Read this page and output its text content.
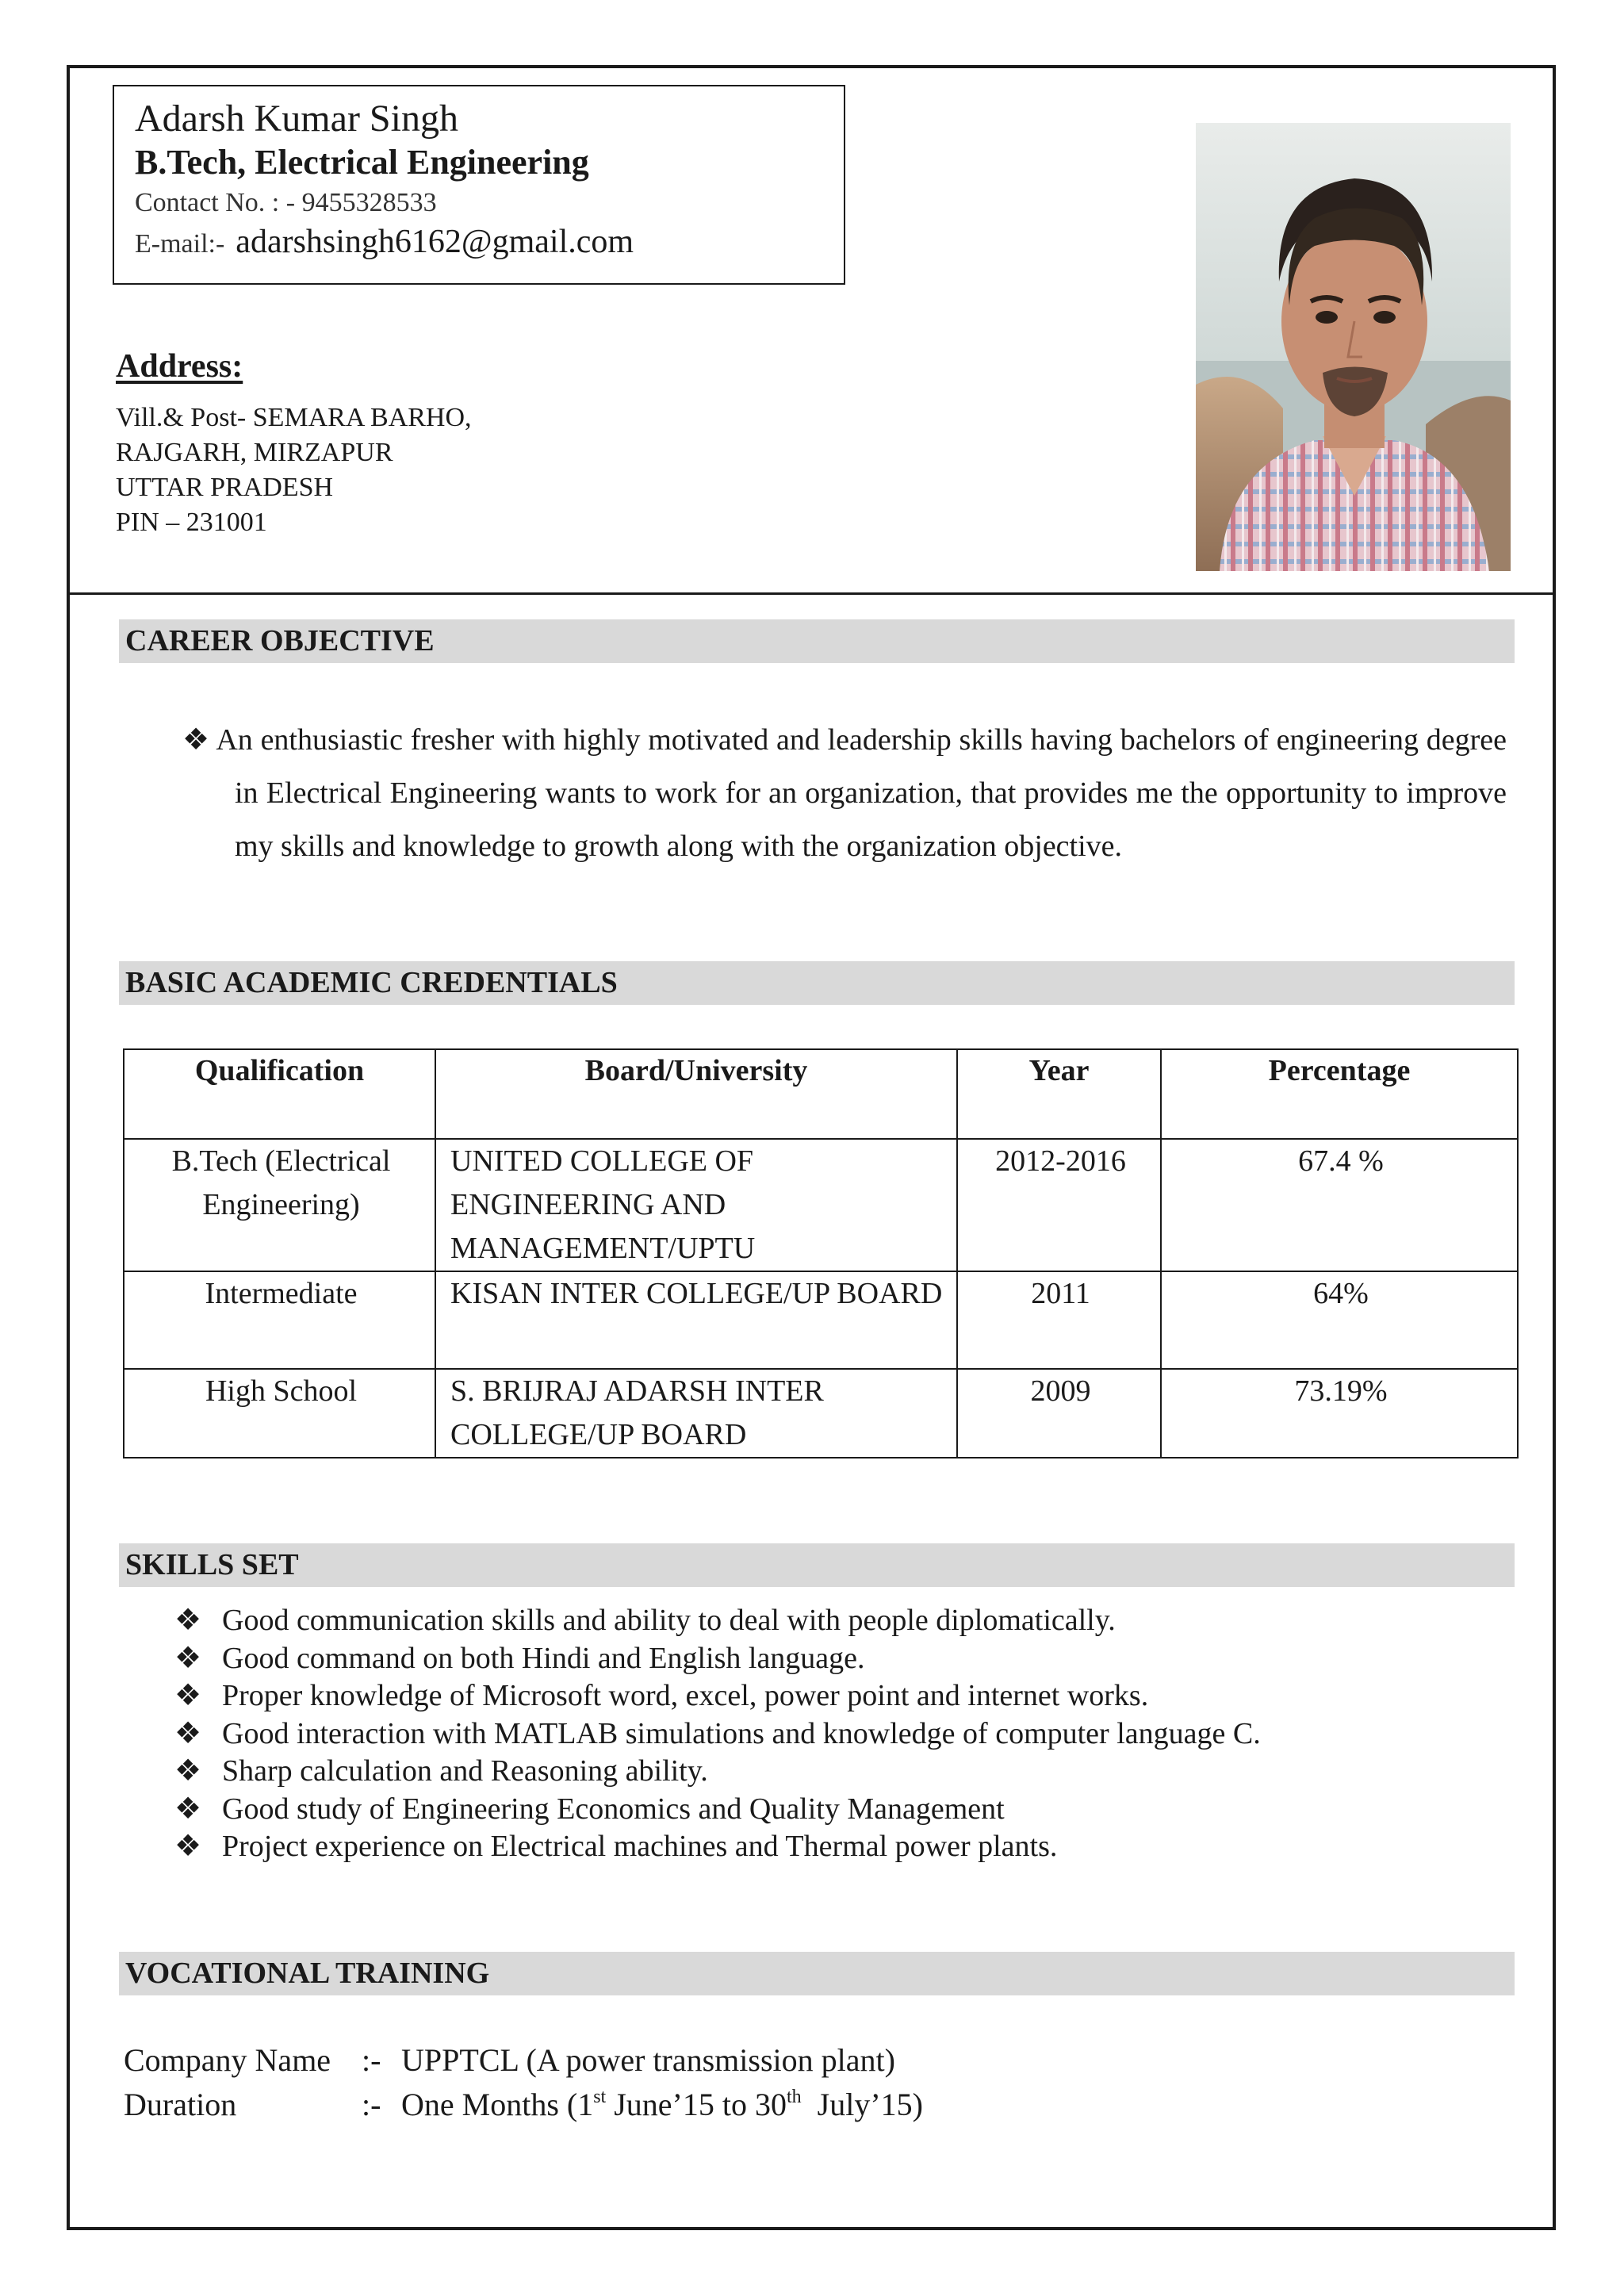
Adarsh Kumar Singh
B.Tech, Electrical Engineering
Contact No. : - 9455328533
E-mail:- adarshsingh6162@gmail.com
Address:
Vill.& Post- SEMARA BARHO,
RAJGARH, MIRZAPUR
UTTAR PRADESH
PIN – 231001
CAREER OBJECTIVE

❖ An enthusiastic fresher with highly motivated and leadership skills having bachelors of engineering degree in Electrical Engineering wants to work for an organization, that provides me the opportunity to improve my skills and knowledge to growth along with the organization objective.

BASIC ACADEMIC CREDENTIALS
Qualification	Board/University	Year	Percentage
B.Tech (Electrical Engineering)	UNITED COLLEGE OF ENGINEERING AND MANAGEMENT/UPTU	2012-2016	67.4 %
Intermediate	KISAN INTER COLLEGE/UP BOARD	2011	64%
High School	S. BRIJRAJ ADARSH INTER COLLEGE/UP BOARD	2009	73.19%
SKILLS SET
❖ Good communication skills and ability to deal with people diplomatically.
❖ Good command on both Hindi and English language.
❖ Proper knowledge of Microsoft word, excel, power point and internet works.
❖ Good interaction with MATLAB simulations and knowledge of computer language C.
❖ Sharp calculation and Reasoning ability.
❖ Good study of Engineering Economics and Quality Management
❖ Project experience on Electrical machines and Thermal power plants.
VOCATIONAL TRAINING
Company Name :- UPPTCL (A power transmission plant)
Duration	:- One Months (1st June’15 to 30th  July’15)
